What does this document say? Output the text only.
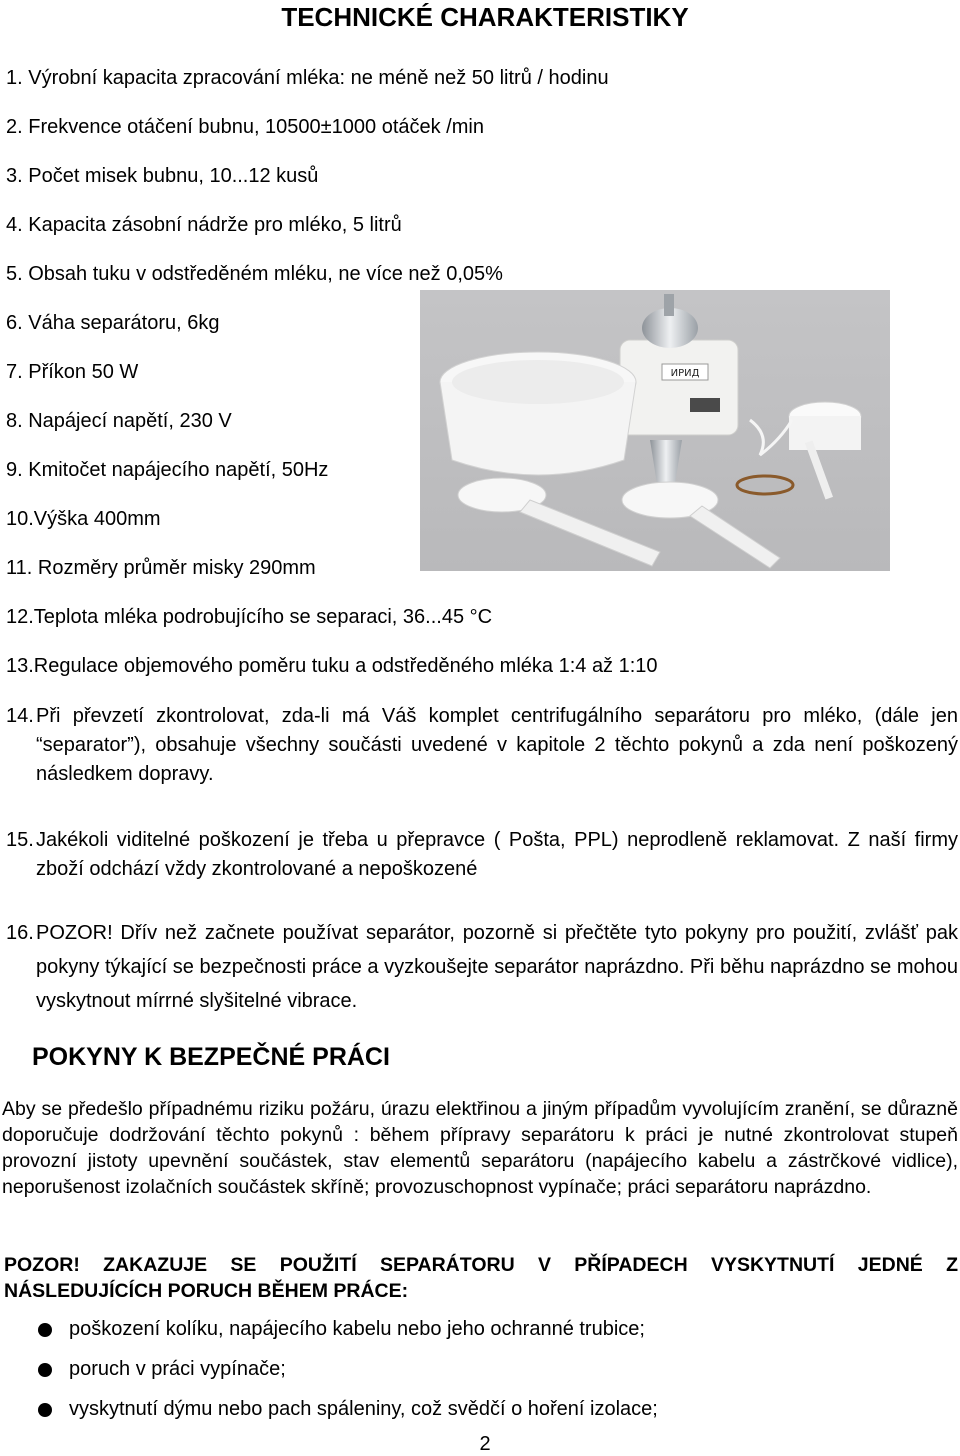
TECHNICKÉ CHARAKTERISTIKY
1. Výrobní kapacita zpracování mléka: ne méně než 50 litrů / hodinu
2. Frekvence otáčení bubnu, 10500±1000 otáček /min
3. Počet misek bubnu, 10...12 kusů
4. Kapacita zásobní nádrže pro mléko, 5 litrů
5. Obsah tuku v odstředěném mléku, ne více než 0,05%
6. Váha separátoru, 6kg
7. Příkon 50 W
8. Napájecí napětí, 230 V
9. Kmitočet napájecího napětí, 50Hz
10.Výška 400mm
11. Rozměry průměr misky 290mm
12.Teplota mléka podrobujícího se separaci, 36...45 °C
13.Regulace objemového poměru tuku a odstředěného mléka 1:4 až 1:10
ИРИД
14. Při převzetí zkontrolovat, zda-li má Váš komplet centrifugálního separátoru pro mléko, (dále jen “separator”), obsahuje všechny součásti uvedené v kapitole 2 těchto pokynů a zda není poškozený následkem dopravy.
15. Jakékoli viditelné poškození je třeba u přepravce ( Pošta, PPL) neprodleně reklamovat. Z naší firmy zboží odchází vždy zkontrolované a nepoškozené
16. POZOR! Dřív než začnete používat separátor, pozorně si přečtěte tyto pokyny pro použití, zvlášť pak pokyny týkající se bezpečnosti práce a vyzkoušejte separátor naprázdno. Při běhu naprázdno se mohou vyskytnout mírrné slyšitelné vibrace.
POKYNY K BEZPEČNÉ PRÁCI
Aby se předešlo případnému riziku požáru, úrazu elektřinou a jiným případům vyvolujícím zranění, se důrazně doporučuje dodržování těchto pokynů : během přípravy separátoru k práci je nutné zkontrolovat stupeň provozní jistoty upevnění součástek, stav elementů separátoru (napájecího kabelu a zástrčkové vidlice), neporušenost izolačních součástek skříně; provozuschopnost vypínače; práci separátoru naprázdno.
POZOR! ZAKAZUJE SE POUŽITÍ SEPARÁTORU V PŘÍPADECH VYSKYTNUTÍ JEDNÉ Z NÁSLEDUJÍCÍCH PORUCH BĚHEM PRÁCE:
poškození kolíku, napájecího kabelu nebo jeho ochranné trubice;
poruch v práci vypínače;
vyskytnutí dýmu nebo pach spáleniny, což svědčí o hoření izolace;
2
